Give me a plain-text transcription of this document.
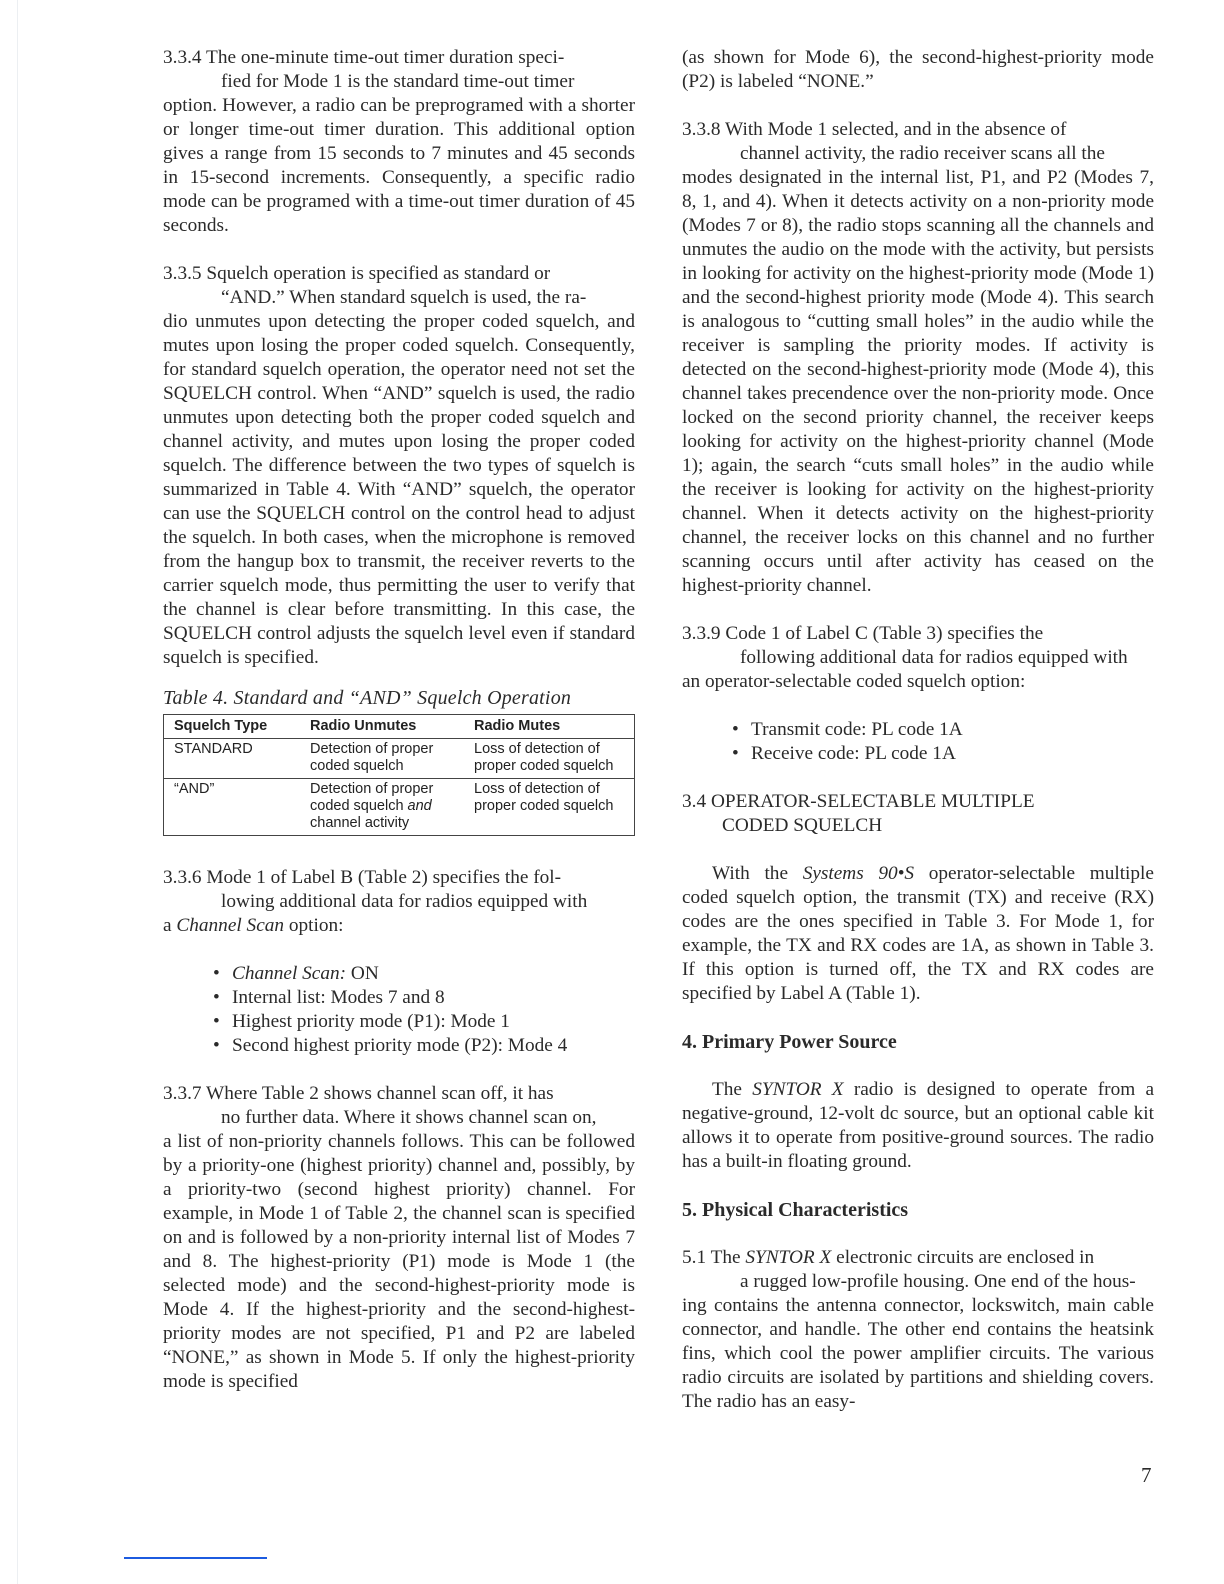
3.3.4 The one-minute time-out timer duration speci-
fied for Mode 1 is the standard time-out timer
option. However, a radio can be preprogramed with a shorter or longer time-out timer duration. This additional option gives a range from 15 seconds to 7 minutes and 45 seconds in 15-second increments. Consequently, a specific radio mode can be programed with a time-out timer duration of 45 seconds.

3.3.5 Squelch operation is specified as standard or
“AND.” When standard squelch is used, the ra-
dio unmutes upon detecting the proper coded squelch, and mutes upon losing the proper coded squelch. Consequently, for standard squelch operation, the operator need not set the SQUELCH control. When “AND” squelch is used, the radio unmutes upon detecting both the proper coded squelch and channel activity, and mutes upon losing the proper coded squelch. The difference between the two types of squelch is summarized in Table 4. With “AND” squelch, the operator can use the SQUELCH control on the control head to adjust the squelch. In both cases, when the microphone is removed from the hangup box to transmit, the receiver reverts to the carrier squelch mode, thus permitting the user to verify that the channel is clear before transmitting. In this case, the SQUELCH control adjusts the squelch level even if standard squelch is specified.

Table 4. Standard and “AND” Squelch Operation

Squelch Type	Radio Unmutes	Radio Mutes
STANDARD	Detection of proper coded squelch	Loss of detection of proper coded squelch
“AND”	Detection of proper coded squelch and channel activity	Loss of detection of proper coded squelch

3.3.6 Mode 1 of Label B (Table 2) specifies the fol-
lowing additional data for radios equipped with
a Channel Scan option:

• Channel Scan: ON
• Internal list: Modes 7 and 8
• Highest priority mode (P1): Mode 1
• Second highest priority mode (P2): Mode 4

3.3.7 Where Table 2 shows channel scan off, it has
no further data. Where it shows channel scan on,
a list of non-priority channels follows. This can be followed by a priority-one (highest priority) channel and, possibly, by a priority-two (second highest priority) channel. For example, in Mode 1 of Table 2, the channel scan is specified on and is followed by a non-priority internal list of Modes 7 and 8. The highest-priority (P1) mode is Mode 1 (the selected mode) and the second-highest-priority mode is Mode 4. If the highest-priority and the second-highest-priority modes are not specified, P1 and P2 are labeled “NONE,” as shown in Mode 5. If only the highest-priority mode is specified

(as shown for Mode 6), the second-highest-priority mode (P2) is labeled “NONE.”

3.3.8 With Mode 1 selected, and in the absence of
channel activity, the radio receiver scans all the
modes designated in the internal list, P1, and P2 (Modes 7, 8, 1, and 4). When it detects activity on a non-priority mode (Modes 7 or 8), the radio stops scanning all the channels and unmutes the audio on the mode with the activity, but persists in looking for activity on the highest-priority mode (Mode 1) and the second-highest priority mode (Mode 4). This search is analogous to “cutting small holes” in the audio while the receiver is sampling the priority modes. If activity is detected on the second-highest-priority mode (Mode 4), this channel takes precendence over the non-priority mode. Once locked on the second priority channel, the receiver keeps looking for activity on the highest-priority channel (Mode 1); again, the search “cuts small holes” in the audio while the receiver is looking for activity on the highest-priority channel. When it detects activity on the highest-priority channel, the receiver locks on this channel and no further scanning occurs until after activity has ceased on the highest-priority channel.

3.3.9 Code 1 of Label C (Table 3) specifies the
following additional data for radios equipped with
an operator-selectable coded squelch option:

• Transmit code: PL code 1A
• Receive code: PL code 1A
3.4 OPERATOR-SELECTABLE MULTIPLE
CODED SQUELCH

With the Systems 90•S operator-selectable multiple coded squelch option, the transmit (TX) and receive (RX) codes are the ones specified in Table 3. For Mode 1, for example, the TX and RX codes are 1A, as shown in Table 3. If this option is turned off, the TX and RX codes are specified by Label A (Table 1).

4. Primary Power Source

The SYNTOR X radio is designed to operate from a negative-ground, 12-volt dc source, but an optional cable kit allows it to operate from positive-ground sources. The radio has a built-in floating ground.

5. Physical Characteristics

5.1 The SYNTOR X electronic circuits are enclosed in
a rugged low-profile housing. One end of the hous-
ing contains the antenna connector, lockswitch, main cable connector, and handle. The other end contains the heatsink fins, which cool the power amplifier circuits. The various radio circuits are isolated by partitions and shielding covers. The radio has an easy-

7
